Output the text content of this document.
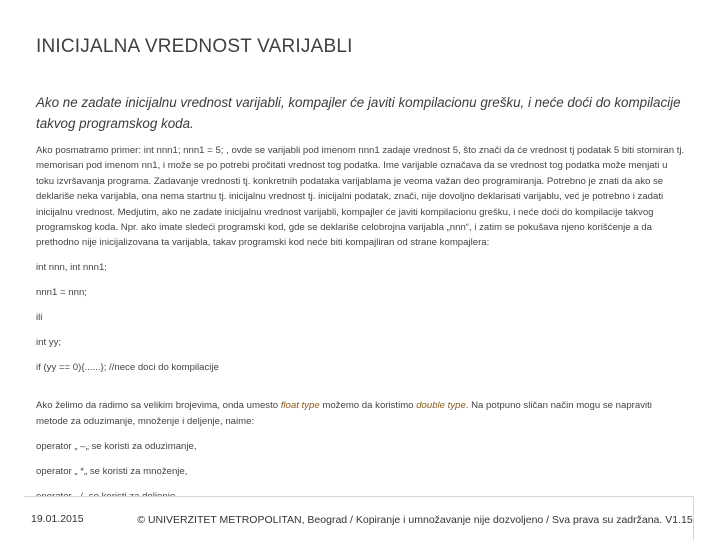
INICIJALNA VREDNOST VARIJABLI
Ako ne zadate inicijalnu vrednost varijabli, kompajler će javiti kompilacionu grešku, i neće doći do kompilacije takvog programskog koda.

Ako posmatramo primer: int nnn1; nnn1 = 5; , ovde se varijabli pod imenom nnn1 zadaje vrednost 5, što znači da će vrednost tj podatak 5 biti storniran tj. memorisan pod imenom nn1, i može se po potrebi pročitati vrednost tog podatka. Ime varijable označava da se vrednost tog podatka može menjati u toku izvršavanja programa. Zadavanje vrednosti tj. konkretnih podataka varijablama je veoma važan deo programiranja. Potrebno je znati da ako se deklariše neka varijabla, ona nema startnu tj. inicijalnu vrednost tj. inicijalni podatak, znači, nije dovoljno deklarisati varijablu, već je potrebno i zadati inicijalnu vrednost. Medjutim, ako ne zadate inicijalnu vrednost varijabli, kompajler će javiti kompilacionu grešku, i neće doći do kompilacije takvog programskog koda. Npr. ako imate sledeći programski kod, gde se deklariše celobrojna varijabla „nnn“, i zatim se pokušava njeno korišćenje a da prethodno nije inicijalizovana ta varijabla, takav programski kod neće biti kompajliran od strane kompajlera:

int nnn, int nnn1;

nnn1 = nnn;

ili

int yy;

if (yy == 0){......}; //nece doci do kompilacije

Ako želimo da radimo sa velikim brojevima, onda umesto float type možemo da koristimo double type. Na potpuno sličan način mogu se napraviti metode za oduzimanje, množenje i deljenje, naime:

operator „ –„ se koristi za oduzimanje,

operator „ *„ se koristi za množenje,

19.01.2015	© UNIVERZITET METROPOLITAN, Beograd / Kopiranje i umnožavanje nije dozvoljeno / Sva prava su zadržana. V1.15
